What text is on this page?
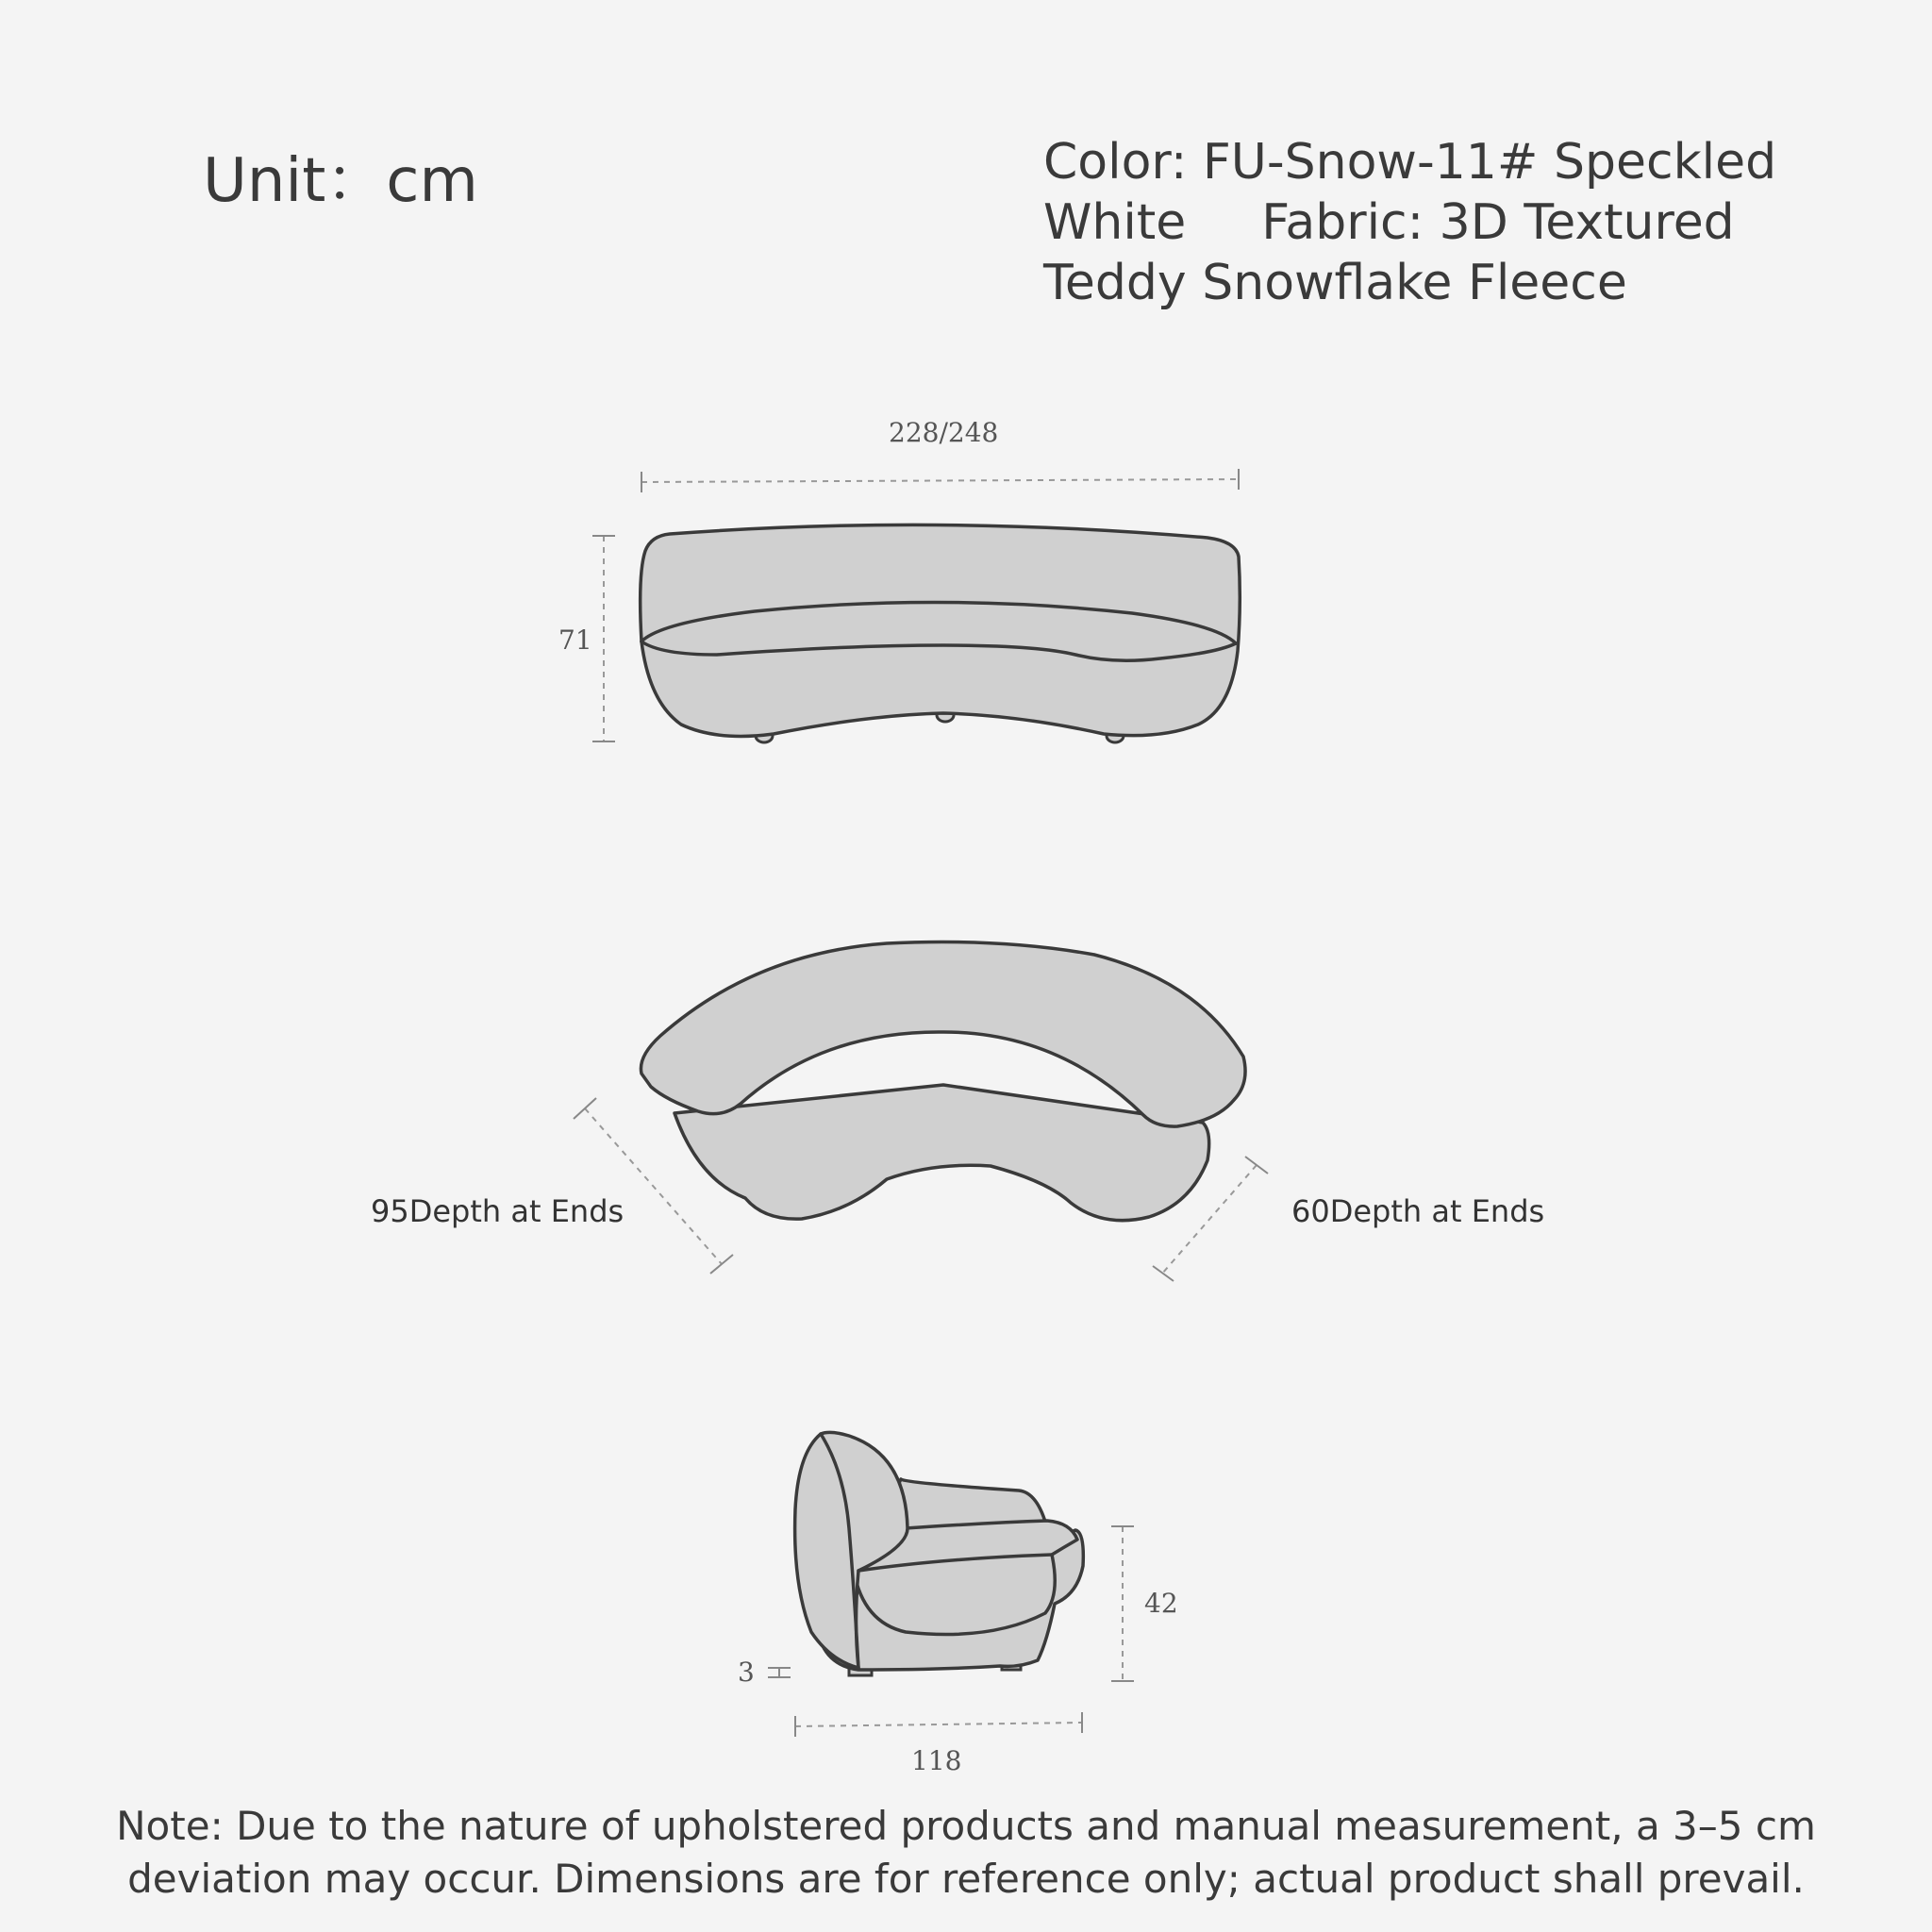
Unit：cm	Color: FU-Snow-11# Speckled
White Fabric: 3D Textured
Teddy Snowflake Fleece
228/248
71
95Depth at Ends	60Depth at Ends
42
3
118
Note: Due to the nature of upholstered products and manual measurement, a 3–5 cm
deviation may occur. Dimensions are for reference only; actual product shall prevail.
